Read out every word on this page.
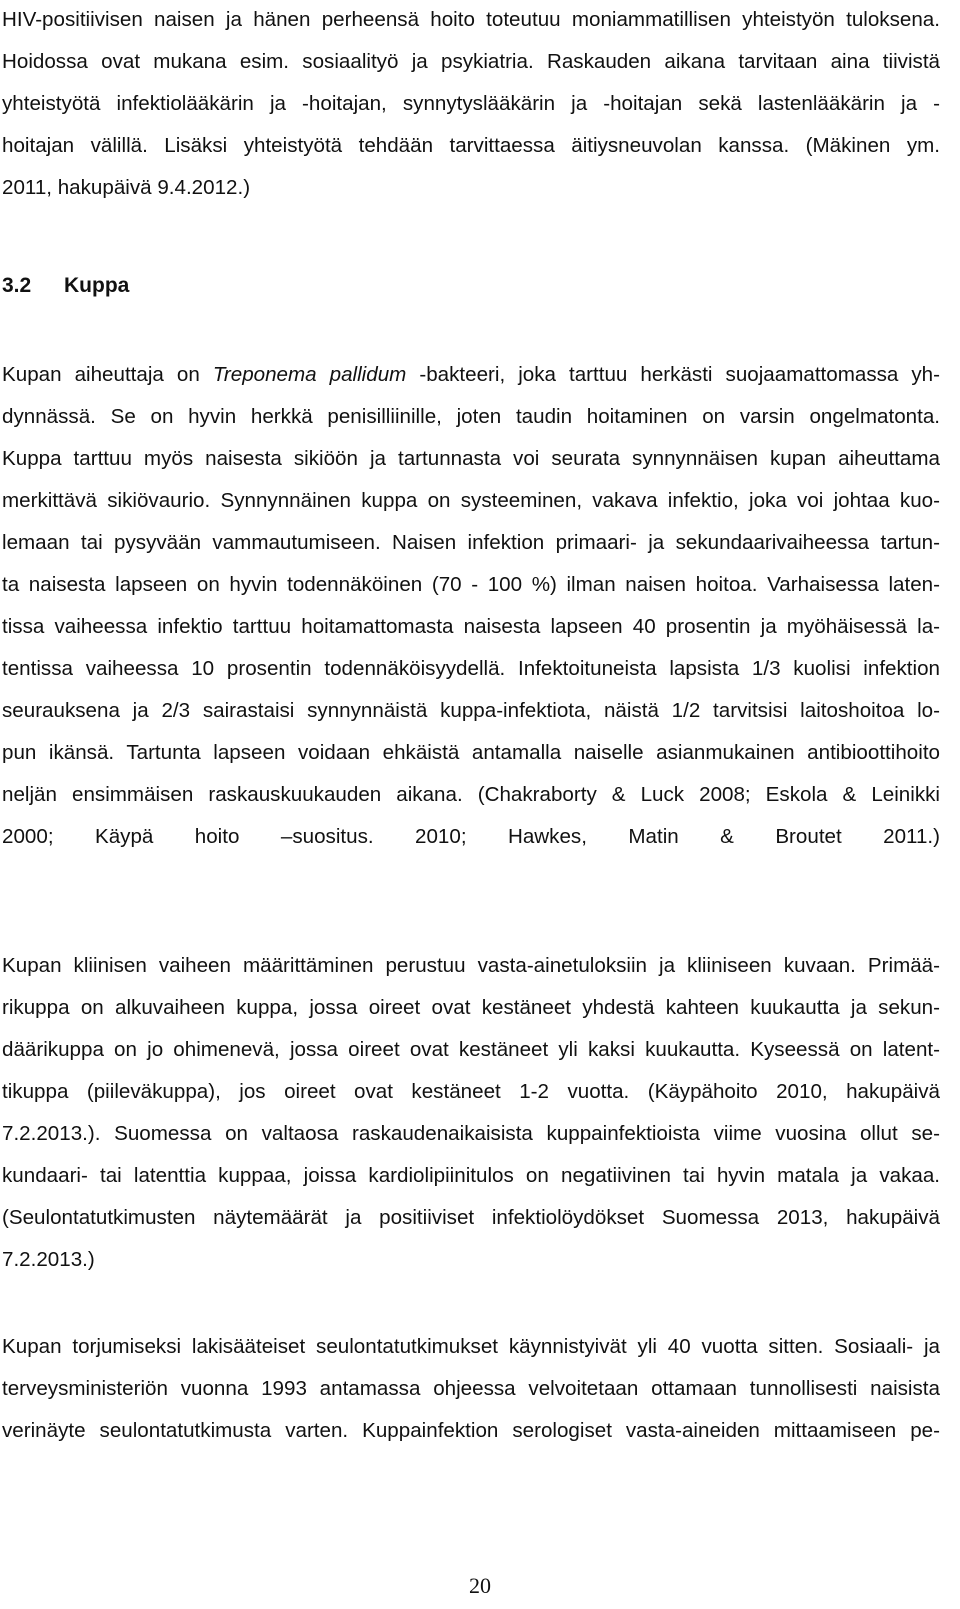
HIV-positiivisen naisen ja hänen perheensä hoito toteutuu moniammatillisen yhteistyön tuloksena.
Hoidossa ovat mukana esim. sosiaalityö ja psykiatria. Raskauden aikana tarvitaan aina tiivistä
yhteistyötä infektiolääkärin ja -hoitajan, synnytyslääkärin ja -hoitajan sekä lastenlääkärin ja -
hoitajan välillä. Lisäksi yhteistyötä tehdään tarvittaessa äitiysneuvolan kanssa. (Mäkinen ym.
2011, hakupäivä 9.4.2012.)
3.2 Kuppa
Kupan aiheuttaja on Treponema pallidum -bakteeri, joka tarttuu herkästi suojaamattomassa yh-
dynnässä. Se on hyvin herkkä penisilliinille, joten taudin hoitaminen on varsin ongelmatonta.
Kuppa tarttuu myös naisesta sikiöön ja tartunnasta voi seurata synnynnäisen kupan aiheuttama
merkittävä sikiövaurio. Synnynnäinen kuppa on systeeminen, vakava infektio, joka voi johtaa kuo-
lemaan tai pysyvään vammautumiseen. Naisen infektion primaari- ja sekundaarivaiheessa tartun-
ta naisesta lapseen on hyvin todennäköinen (70 - 100 %) ilman naisen hoitoa. Varhaisessa laten-
tissa vaiheessa infektio tarttuu hoitamattomasta naisesta lapseen 40 prosentin ja myöhäisessä la-
tentissa vaiheessa 10 prosentin todennäköisyydellä. Infektoituneista lapsista 1/3 kuolisi infektion
seurauksena ja 2/3 sairastaisi synnynnäistä kuppa-infektiota, näistä 1/2 tarvitsisi laitoshoitoa lo-
pun ikänsä. Tartunta lapseen voidaan ehkäistä antamalla naiselle asianmukainen antibioottihoito
neljän ensimmäisen raskauskuukauden aikana. (Chakraborty & Luck 2008; Eskola & Leinikki
2000; Käypä hoito –suositus. 2010; Hawkes, Matin & Broutet 2011.)
Kupan kliinisen vaiheen määrittäminen perustuu vasta-ainetuloksiin ja kliiniseen kuvaan. Primää-
rikuppa on alkuvaiheen kuppa, jossa oireet ovat kestäneet yhdestä kahteen kuukautta ja sekun-
däärikuppa on jo ohimenevä, jossa oireet ovat kestäneet yli kaksi kuukautta. Kyseessä on latent-
tikuppa (piileväkuppa), jos oireet ovat kestäneet 1-2 vuotta. (Käypähoito 2010, hakupäivä
7.2.2013.). Suomessa on valtaosa raskaudenaikaisista kuppainfektioista viime vuosina ollut se-
kundaari- tai latenttia kuppaa, joissa kardiolipiinitulos on negatiivinen tai hyvin matala ja vakaa.
(Seulontatutkimusten näytemäärät ja positiiviset infektiolöydökset Suomessa 2013, hakupäivä
7.2.2013.)
Kupan torjumiseksi lakisääteiset seulontatutkimukset käynnistyivät yli 40 vuotta sitten. Sosiaali- ja
terveysministeriön vuonna 1993 antamassa ohjeessa velvoitetaan ottamaan tunnollisesti naisista
verinäyte seulontatutkimusta varten. Kuppainfektion serologiset vasta-aineiden mittaamiseen pe-
20
